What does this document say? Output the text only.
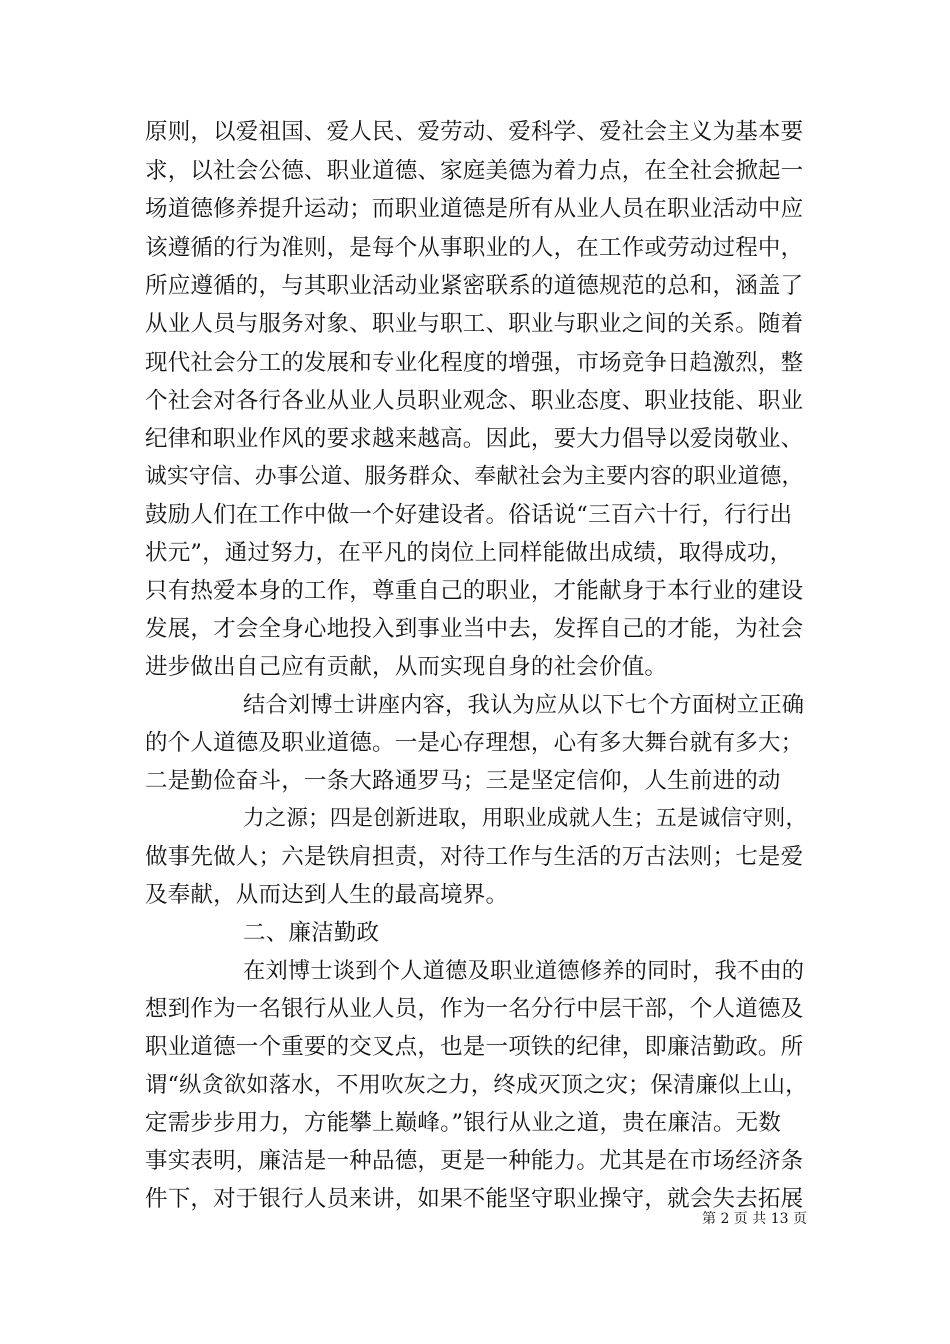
原则，以爱祖国、爱人民、爱劳动、爱科学、爱社会主义为基本要
求，以社会公德、职业道德、家庭美德为着力点，在全社会掀起一
场道德修养提升运动；而职业道德是所有从业人员在职业活动中应
该遵循的行为准则，是每个从事职业的人，在工作或劳动过程中，
所应遵循的，与其职业活动业紧密联系的道德规范的总和，涵盖了
从业人员与服务对象、职业与职工、职业与职业之间的关系。随着
现代社会分工的发展和专业化程度的增强，市场竞争日趋激烈，整
个社会对各行各业从业人员职业观念、职业态度、职业技能、职业
纪律和职业作风的要求越来越高。因此，要大力倡导以爱岗敬业、
诚实守信、办事公道、服务群众、奉献社会为主要内容的职业道德，
鼓励人们在工作中做一个好建设者。俗话说“三百六十行，行行出
状元”，通过努力，在平凡的岗位上同样能做出成绩，取得成功，
只有热爱本身的工作，尊重自己的职业，才能献身于本行业的建设
发展，才会全身心地投入到事业当中去，发挥自己的才能，为社会
进步做出自己应有贡献，从而实现自身的社会价值。
结合刘博士讲座内容，我认为应从以下七个方面树立正确
的个人道德及职业道德。一是心存理想，心有多大舞台就有多大；
二是勤俭奋斗，一条大路通罗马；三是坚定信仰，人生前进的动
力之源；四是创新进取，用职业成就人生；五是诚信守则，
做事先做人；六是铁肩担责，对待工作与生活的万古法则；七是爱
及奉献，从而达到人生的最高境界。
二、廉洁勤政
在刘博士谈到个人道德及职业道德修养的同时，我不由的
想到作为一名银行从业人员，作为一名分行中层干部，个人道德及
职业道德一个重要的交叉点，也是一项铁的纪律，即廉洁勤政。所
谓“纵贪欲如落水，不用吹灰之力，终成灭顶之灾；保清廉似上山，
定需步步用力，方能攀上巅峰。”银行从业之道，贵在廉洁。无数
事实表明，廉洁是一种品德，更是一种能力。尤其是在市场经济条
件下，对于银行人员来讲，如果不能坚守职业操守，就会失去拓展
第 2 页 共 13 页
